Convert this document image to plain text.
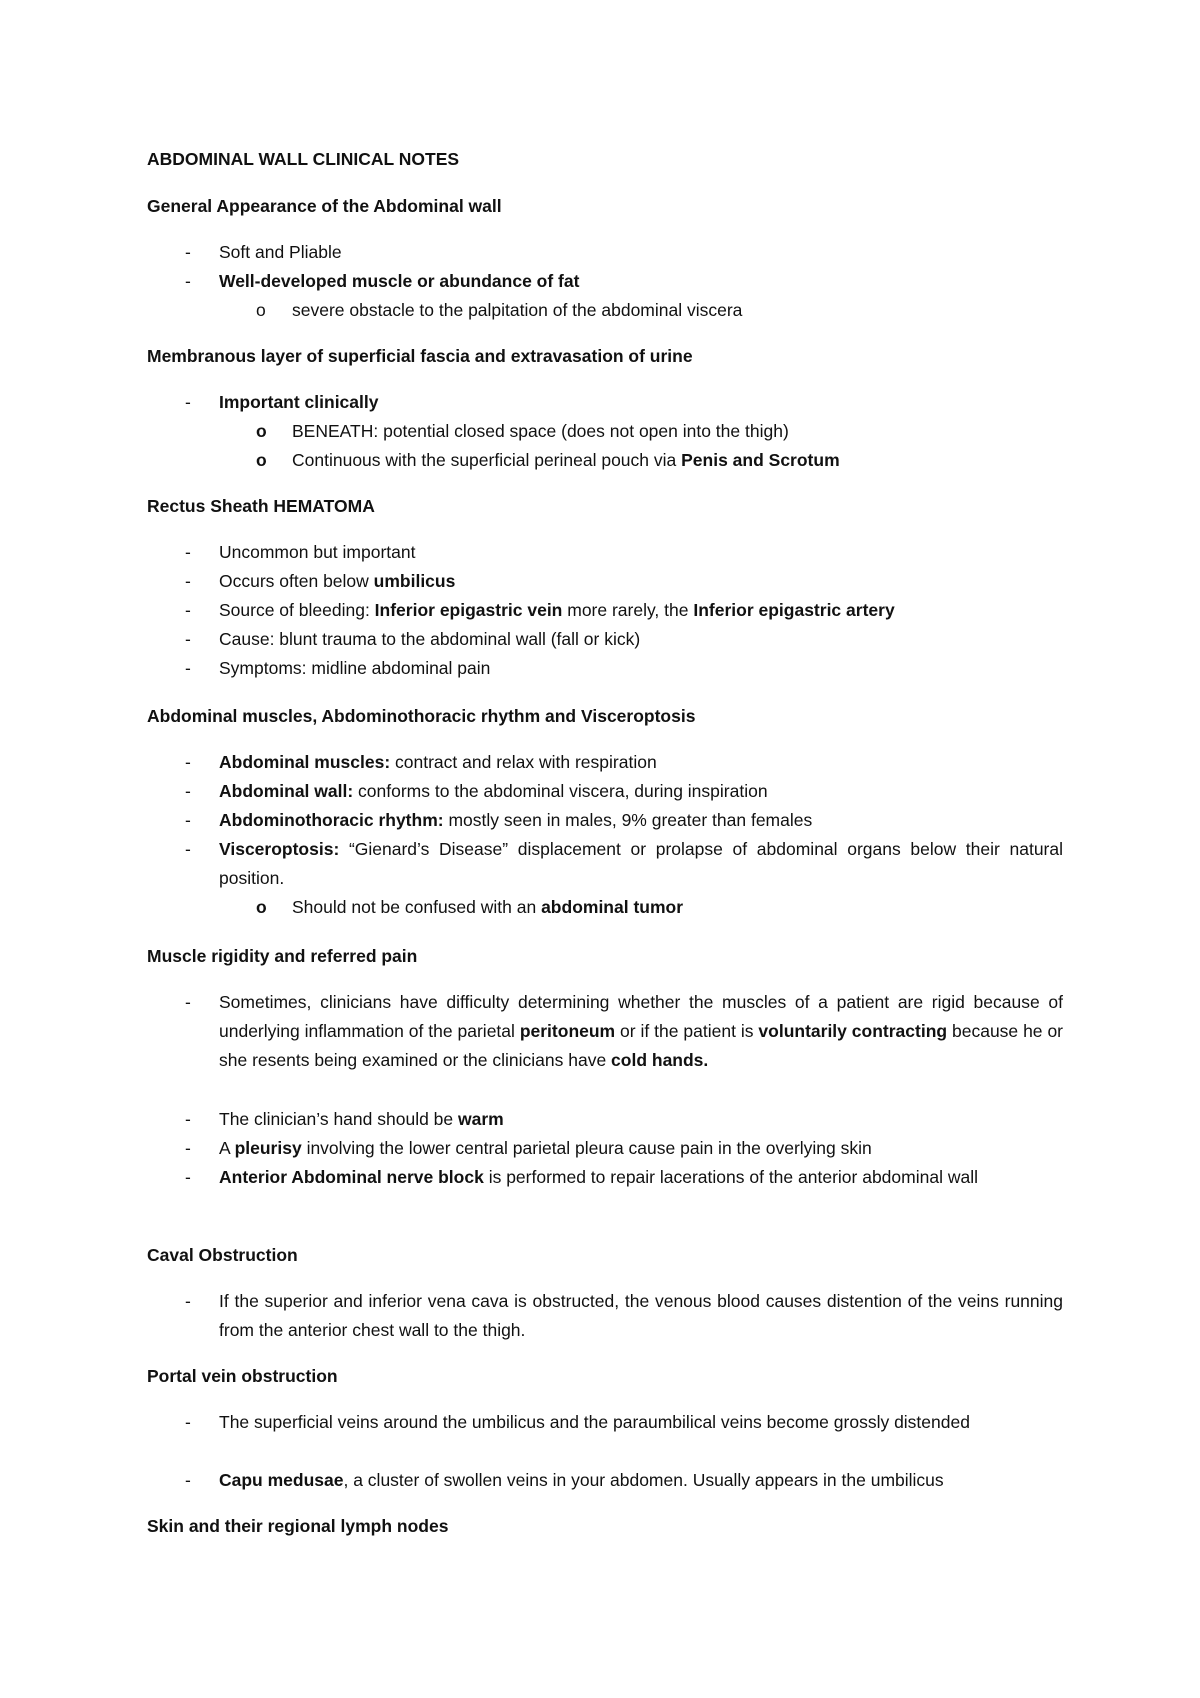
ABDOMINAL WALL CLINICAL NOTES
General Appearance of the Abdominal wall
- Soft and Pliable
- Well-developed muscle or abundance of fat
o severe obstacle to the palpitation of the abdominal viscera
Membranous layer of superficial fascia and extravasation of urine
- Important clinically
o BENEATH: potential closed space (does not open into the thigh)
o Continuous with the superficial perineal pouch via Penis and Scrotum
Rectus Sheath HEMATOMA
- Uncommon but important
- Occurs often below umbilicus
- Source of bleeding: Inferior epigastric vein more rarely, the Inferior epigastric artery
- Cause: blunt trauma to the abdominal wall (fall or kick)
- Symptoms: midline abdominal pain
Abdominal muscles, Abdominothoracic rhythm and Visceroptosis
- Abdominal muscles: contract and relax with respiration
- Abdominal wall: conforms to the abdominal viscera, during inspiration
- Abdominothoracic rhythm: mostly seen in males, 9% greater than females
- Visceroptosis: “Gienard’s Disease” displacement or prolapse of abdominal organs below their natural position.
o Should not be confused with an abdominal tumor
Muscle rigidity and referred pain
- Sometimes, clinicians have difficulty determining whether the muscles of a patient are rigid because of underlying inflammation of the parietal peritoneum or if the patient is voluntarily contracting because he or she resents being examined or the clinicians have cold hands.
- The clinician’s hand should be warm
- A pleurisy involving the lower central parietal pleura cause pain in the overlying skin
- Anterior Abdominal nerve block is performed to repair lacerations of the anterior abdominal wall
Caval Obstruction
- If the superior and inferior vena cava is obstructed, the venous blood causes distention of the veins running from the anterior chest wall to the thigh.
Portal vein obstruction
- The superficial veins around the umbilicus and the paraumbilical veins become grossly distended
- Capu medusae, a cluster of swollen veins in your abdomen. Usually appears in the umbilicus
Skin and their regional lymph nodes
